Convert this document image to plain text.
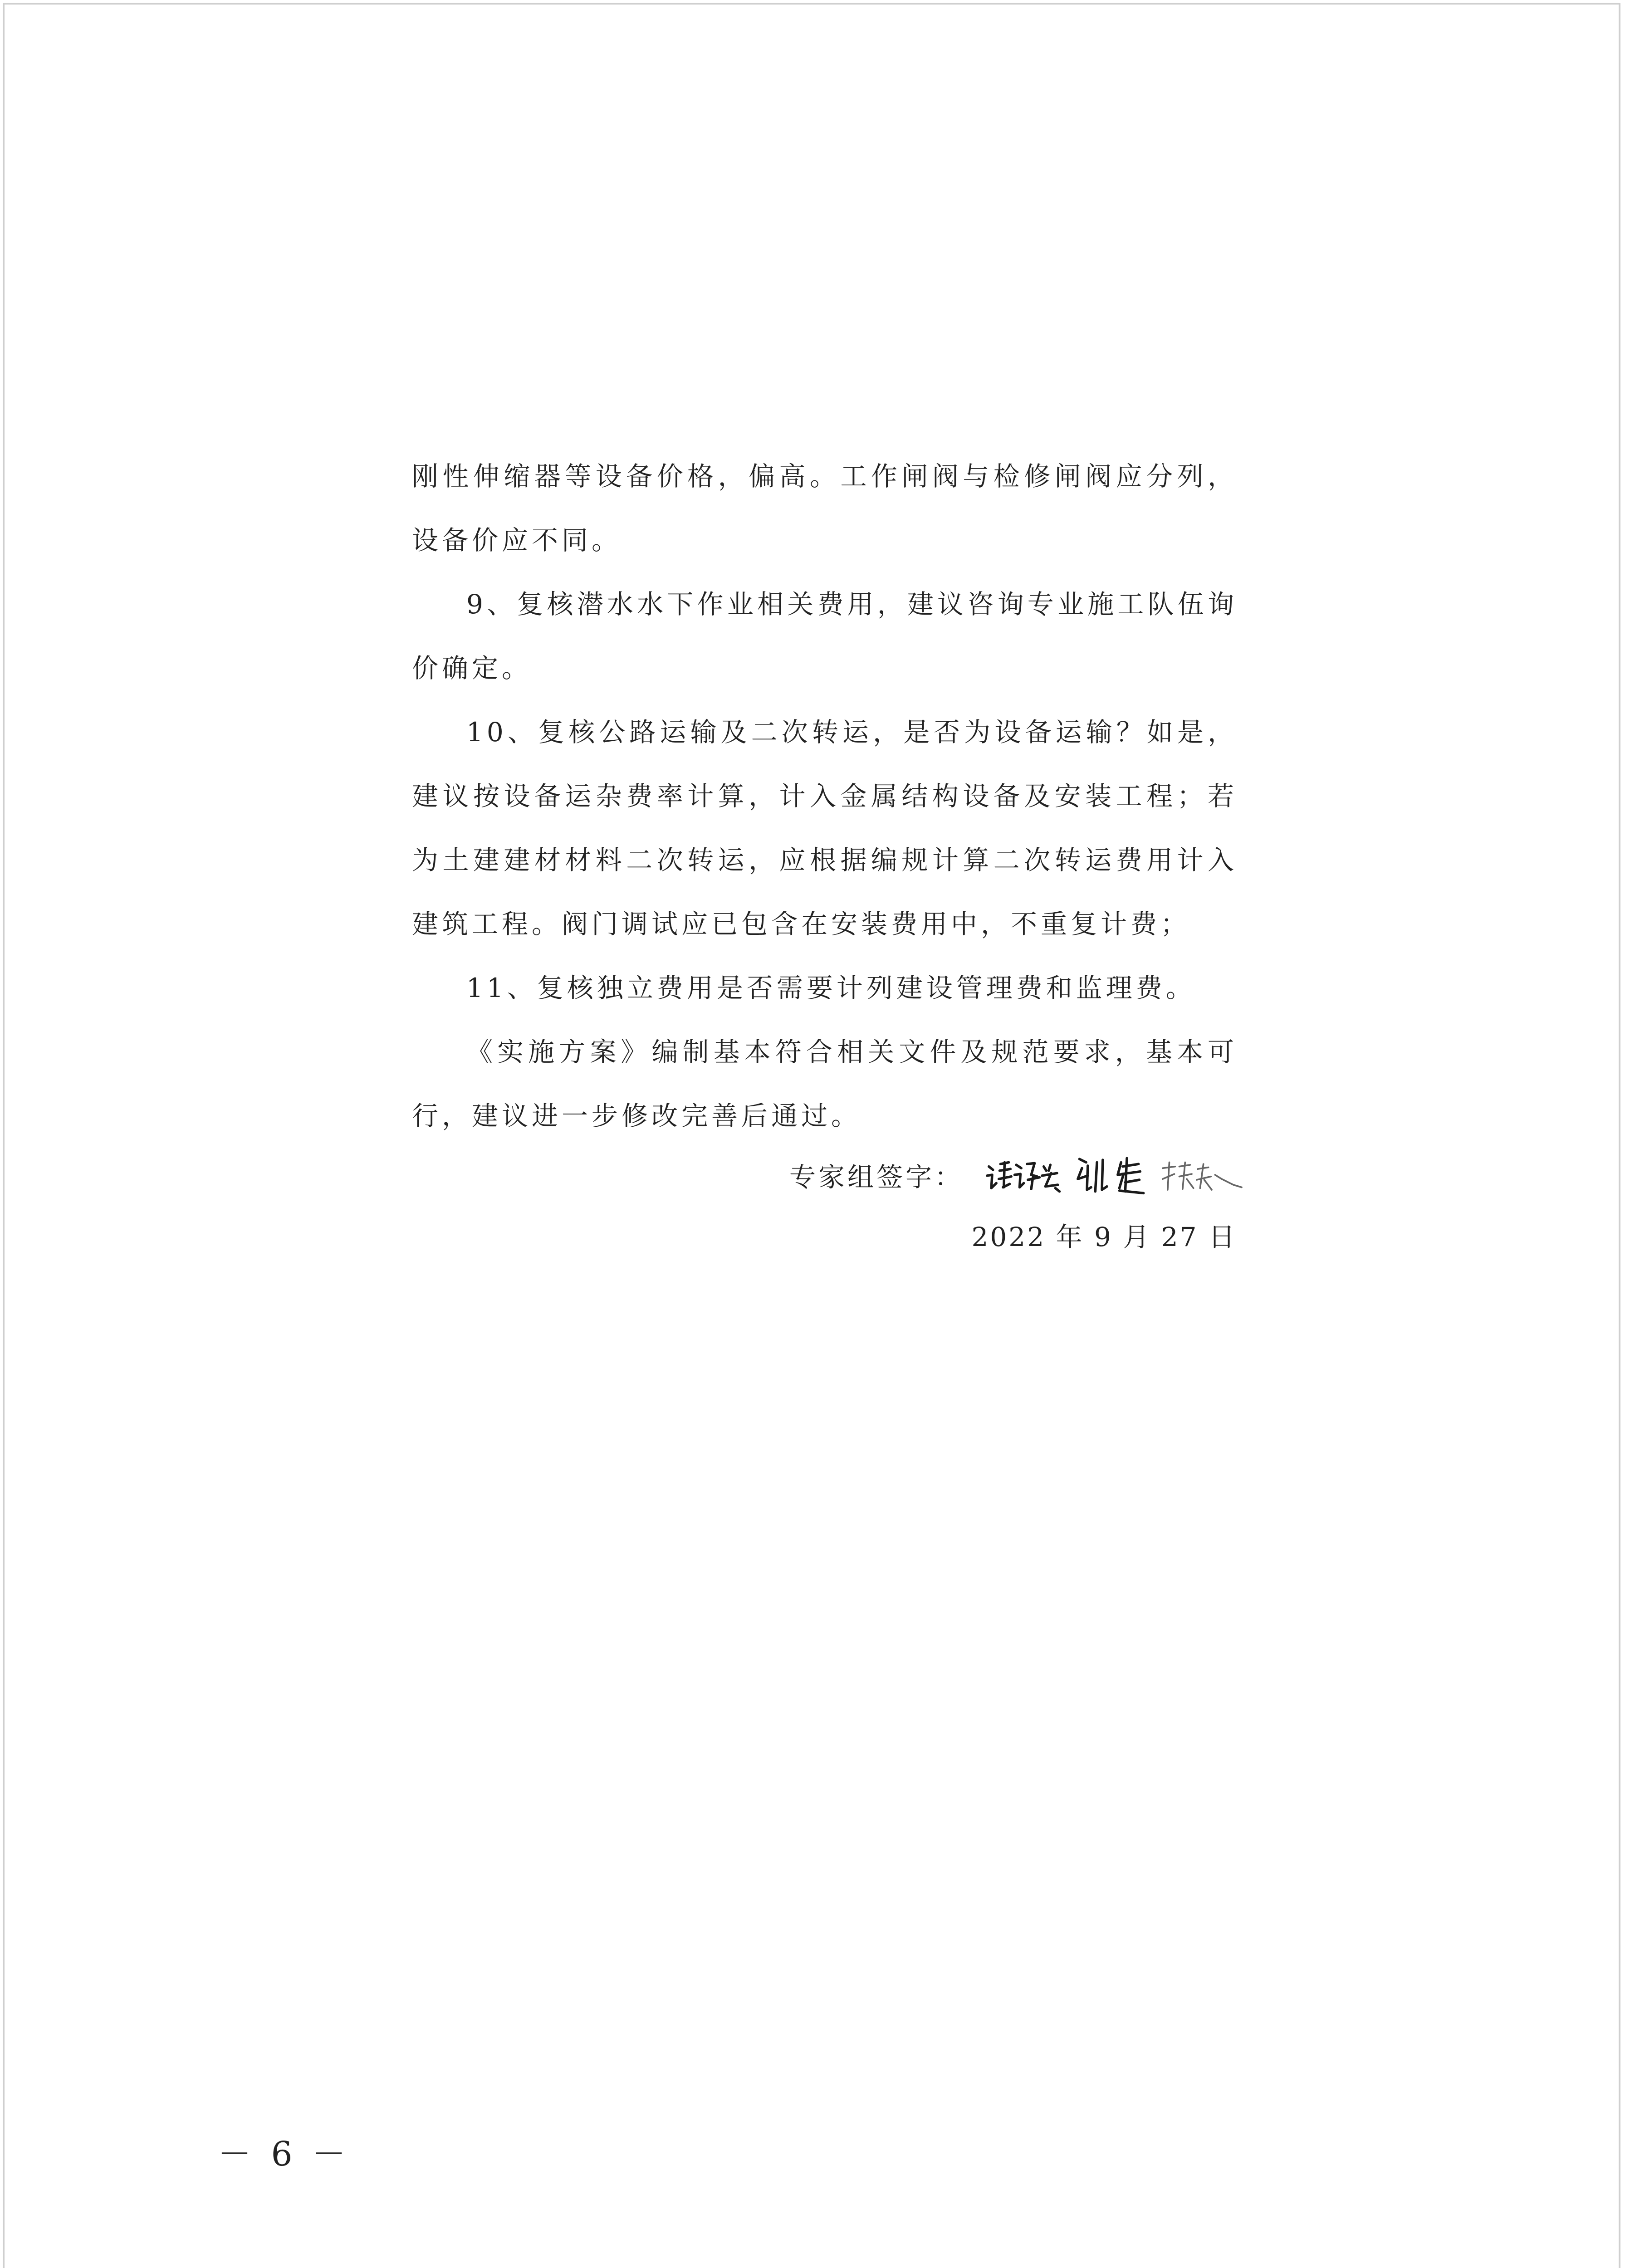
刚性伸缩器等设备价格，偏高。工作闸阀与检修闸阀应分列，设备价应不同。

9、复核潜水水下作业相关费用，建议咨询专业施工队伍询价确定。

10、复核公路运输及二次转运，是否为设备运输？如是，建议按设备运杂费率计算，计入金属结构设备及安装工程；若为土建建材材料二次转运，应根据编规计算二次转运费用计入建筑工程。阀门调试应已包含在安装费用中，不重复计费；

11、复核独立费用是否需要计列建设管理费和监理费。

《实施方案》编制基本符合相关文件及规范要求，基本可行，建议进一步修改完善后通过。

专家组签字：
2022 年 9 月 27 日
－ 6 －
